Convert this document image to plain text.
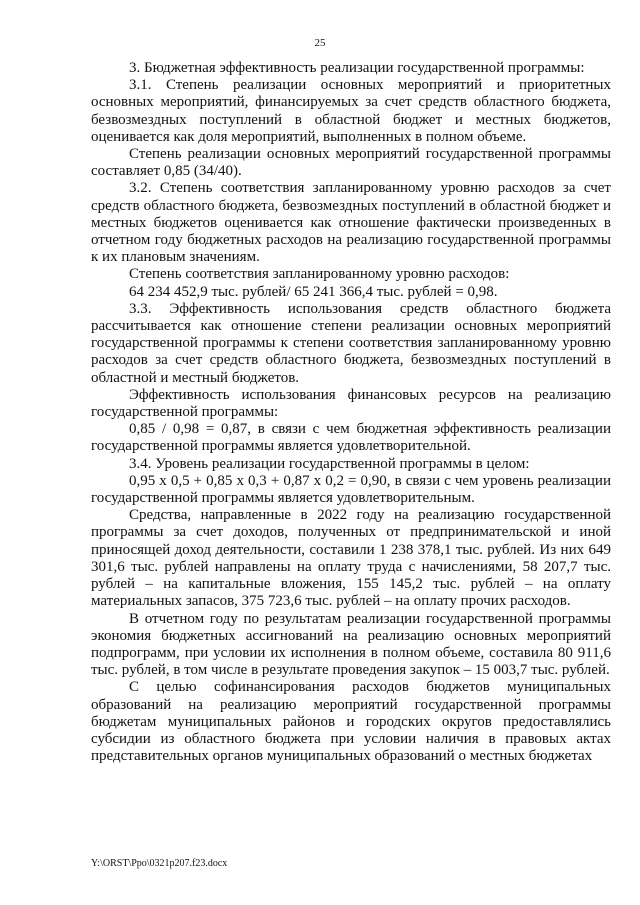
25

3. Бюджетная эффективность реализации государственной программы:

3.1. Степень реализации основных мероприятий и приоритетных основных мероприятий, финансируемых за счет средств областного бюджета, безвозмездных поступлений в областной бюджет и местных бюджетов, оценивается как доля мероприятий, выполненных в полном объеме.

Степень реализации основных мероприятий государственной программы составляет 0,85 (34/40).

3.2. Степень соответствия запланированному уровню расходов за счет средств областного бюджета, безвозмездных поступлений в областной бюджет и местных бюджетов оценивается как отношение фактически произведенных в отчетном году бюджетных расходов на реализацию государственной программы к их плановым значениям.

Степень соответствия запланированному уровню расходов:

64 234 452,9 тыс. рублей/ 65 241 366,4 тыс. рублей = 0,98.

3.3. Эффективность использования средств областного бюджета рассчитывается как отношение степени реализации основных мероприятий государственной программы к степени соответствия запланированному уровню расходов за счет средств областного бюджета, безвозмездных поступлений в областной и местный бюджетов.

Эффективность использования финансовых ресурсов на реализацию государственной программы:

0,85 / 0,98 = 0,87, в связи с чем бюджетная эффективность реализации государственной программы является удовлетворительной.

3.4. Уровень реализации государственной программы в целом:

0,95 х 0,5 + 0,85 х 0,3 + 0,87 х 0,2 = 0,90, в связи с чем уровень реализации государственной программы является удовлетворительным.

Средства, направленные в 2022 году на реализацию государственной программы за счет доходов, полученных от предпринимательской и иной приносящей доход деятельности, составили 1 238 378,1 тыс. рублей. Из них 649 301,6 тыс. рублей направлены на оплату труда с начислениями, 58 207,7 тыс. рублей – на капитальные вложения, 155 145,2 тыс. рублей – на оплату материальных запасов, 375 723,6 тыс. рублей – на оплату прочих расходов.

В отчетном году по результатам реализации государственной программы экономия бюджетных ассигнований на реализацию основных мероприятий подпрограмм, при условии их исполнения в полном объеме, составила 80 911,6 тыс. рублей, в том числе в результате проведения закупок – 15 003,7 тыс. рублей.

С целью софинансирования расходов бюджетов муниципальных образований на реализацию мероприятий государственной программы бюджетам муниципальных районов и городских округов предоставлялись субсидии из областного бюджета при условии наличия в правовых актах представительных органов муниципальных образований о местных бюджетах

Y:\ORST\Ppo\0321p207.f23.docx
